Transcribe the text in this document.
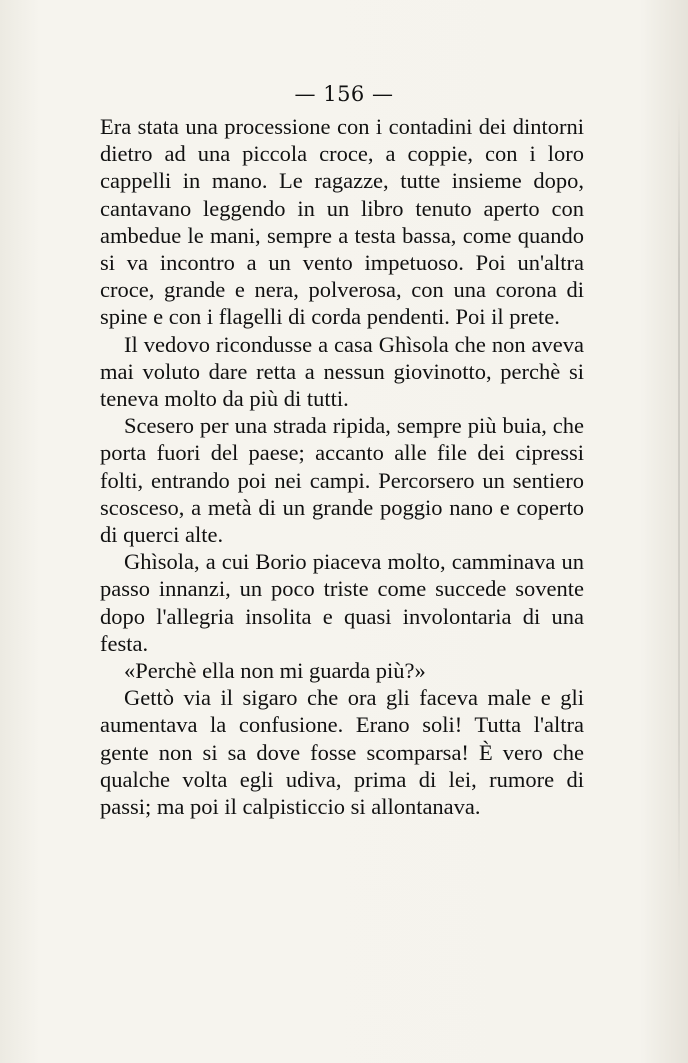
— 156 —

Era stata una processione con i contadini dei dintorni dietro ad una piccola croce, a coppie, con i loro cappelli in mano. Le ragazze, tutte insieme dopo, cantavano leggendo in un libro tenuto aperto con ambedue le mani, sempre a testa bassa, come quando si va incontro a un vento impetuoso. Poi un'altra croce, grande e nera, polverosa, con una corona di spine e con i flagelli di corda pendenti. Poi il prete.

Il vedovo ricondusse a casa Ghìsola che non aveva mai voluto dare retta a nessun giovinotto, perchè si teneva molto da più di tutti.

Scesero per una strada ripida, sempre più buia, che porta fuori del paese; accanto alle file dei cipressi folti, entrando poi nei campi. Percorsero un sentiero scosceso, a metà di un grande poggio nano e coperto di querci alte.

Ghìsola, a cui Borio piaceva molto, camminava un passo innanzi, un poco triste come succede sovente dopo l'allegria insolita e quasi involontaria di una festa.

«Perchè ella non mi guarda più?»

Gettò via il sigaro che ora gli faceva male e gli aumentava la confusione. Erano soli! Tutta l'altra gente non si sa dove fosse scomparsa! È vero che qualche volta egli udiva, prima di lei, rumore di passi; ma poi il calpisticcio si allontanava.
